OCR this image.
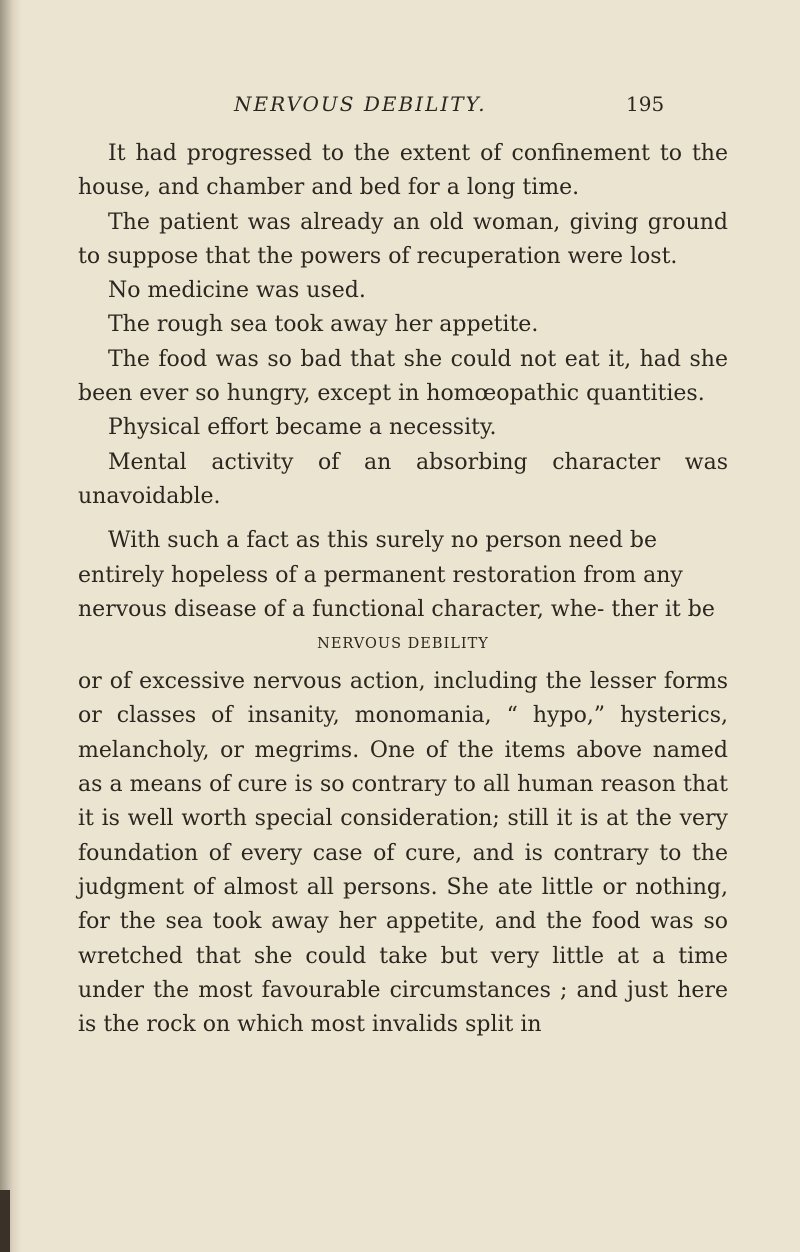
NERVOUS DEBILITY.	195

It had progressed to the extent of confinement to the house, and chamber and bed for a long time.

The patient was already an old woman, giving ground to suppose that the powers of recuperation were lost.

No medicine was used.

The rough sea took away her appetite.

The food was so bad that she could not eat it, had she been ever so hungry, except in homœopathic quantities.

Physical effort became a necessity.

Mental activity of an absorbing character was unavoidable.

With such a fact as this surely no person need be entirely hopeless of a permanent restoration from any nervous disease of a functional character, whe- ther it be

NERVOUS DEBILITY

or of excessive nervous action, including the lesser forms or classes of insanity, monomania, “ hypo,” hysterics, melancholy, or megrims. One of the items above named as a means of cure is so contrary to all human reason that it is well worth special consideration; still it is at the very foundation of every case of cure, and is contrary to the judgment of almost all persons. She ate little or nothing, for the sea took away her appetite, and the food was so wretched that she could take but very little at a time under the most favourable circumstances ; and just here is the rock on which most invalids split in
